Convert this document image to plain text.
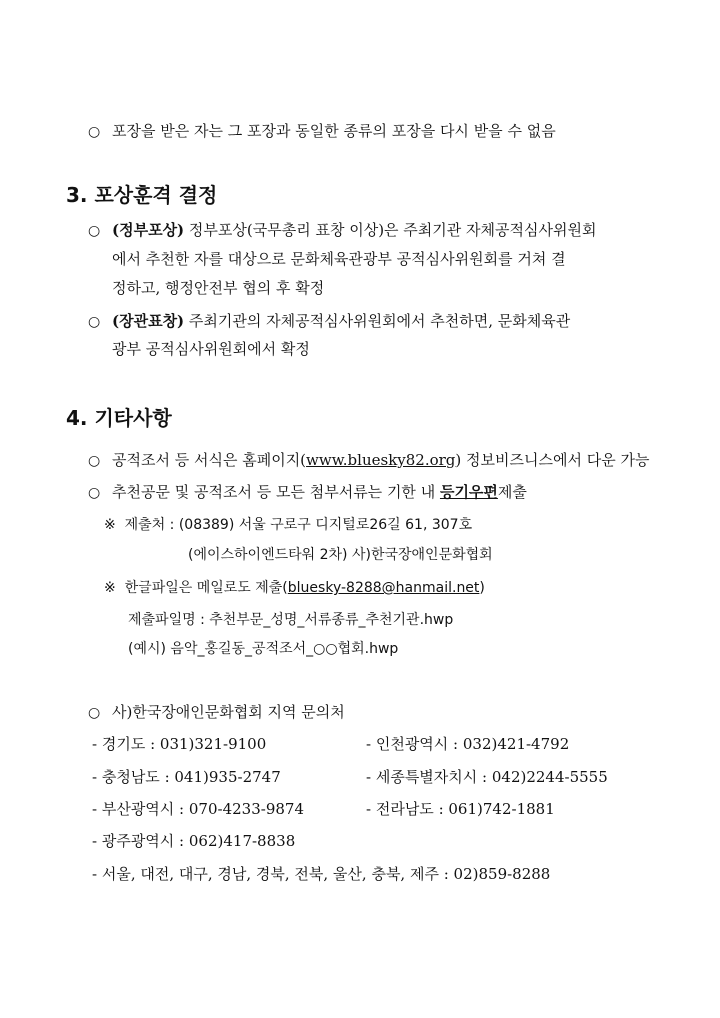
○ 포장을 받은 자는 그 포장과 동일한 종류의 포장을 다시 받을 수 없음
3. 포상훈격 결정
○ (정부포상) 정부포상(국무총리 표창 이상)은 주최기관 자체공적심사위원회
에서 추천한 자를 대상으로 문화체육관광부 공적심사위원회를 거쳐 결
정하고, 행정안전부 협의 후 확정
○ (장관표창) 주최기관의 자체공적심사위원회에서 추천하면, 문화체육관
광부 공적심사위원회에서 확정
4. 기타사항
○ 공적조서 등 서식은 홈페이지(www.bluesky82.org) 정보비즈니스에서 다운 가능
○ 추천공문 및 공적조서 등 모든 첨부서류는 기한 내 등기우편제출
※ 제출처 : (08389) 서울 구로구 디지털로26길 61, 307호
(에이스하이엔드타워 2차) 사)한국장애인문화협회
※ 한글파일은 메일로도 제출(bluesky-8288@hanmail.net)
제출파일명 : 추천부문_성명_서류종류_추천기관.hwp
(예시) 음악_홍길동_공적조서_○○협회.hwp
○ 사)한국장애인문화협회 지역 문의처
- 경기도 : 031)321-9100	- 인천광역시 : 032)421-4792
- 충청남도 : 041)935-2747	- 세종특별자치시 : 042)2244-5555
- 부산광역시 : 070-4233-9874	- 전라남도 : 061)742-1881
- 광주광역시 : 062)417-8838
- 서울, 대전, 대구, 경남, 경북, 전북, 울산, 충북, 제주 : 02)859-8288
